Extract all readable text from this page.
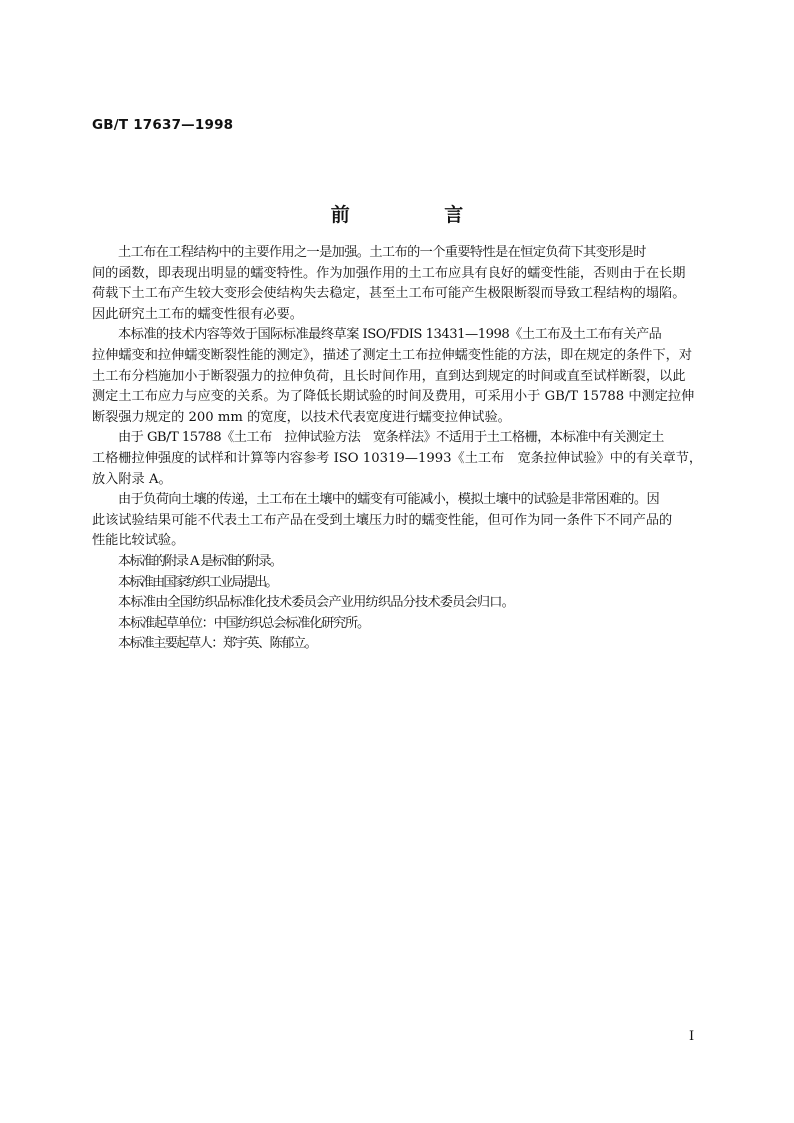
GB/T 17637—1998
前 言

土工布在工程结构中的主要作用之一是加强。土工布的一个重要特性是在恒定负荷下其变形是时
间的函数，即表现出明显的蠕变特性。作为加强作用的土工布应具有良好的蠕变性能，否则由于在长期
荷载下土工布产生较大变形会使结构失去稳定，甚至土工布可能产生极限断裂而导致工程结构的塌陷。
因此研究土工布的蠕变性很有必要。

本标准的技术内容等效于国际标准最终草案 ISO/FDIS 13431—1998《土工布及土工布有关产品
拉伸蠕变和拉伸蠕变断裂性能的测定》，描述了测定土工布拉伸蠕变性能的方法，即在规定的条件下，对
土工布分档施加小于断裂强力的拉伸负荷，且长时间作用，直到达到规定的时间或直至试样断裂，以此
测定土工布应力与应变的关系。为了降低长期试验的时间及费用，可采用小于 GB/T 15788 中测定拉伸
断裂强力规定的 200 mm 的宽度，以技术代表宽度进行蠕变拉伸试验。

由于 GB/T 15788《土工布　拉伸试验方法　宽条样法》不适用于土工格栅，本标准中有关测定土
工格栅拉伸强度的试样和计算等内容参考 ISO 10319—1993《土工布　宽条拉伸试验》中的有关章节，
放入附录 A。

由于负荷向土壤的传递，土工布在土壤中的蠕变有可能减小，模拟土壤中的试验是非常困难的。因
此该试验结果可能不代表土工布产品在受到土壤压力时的蠕变性能，但可作为同一条件下不同产品的
性能比较试验。

本标准的附录 A 是标准的附录。

本标准由国家纺织工业局提出。

本标准由全国纺织品标准化技术委员会产业用纺织品分技术委员会归口。

本标准起草单位：中国纺织总会标准化研究所。

本标准主要起草人：郑宇英、陈郁立。

I
